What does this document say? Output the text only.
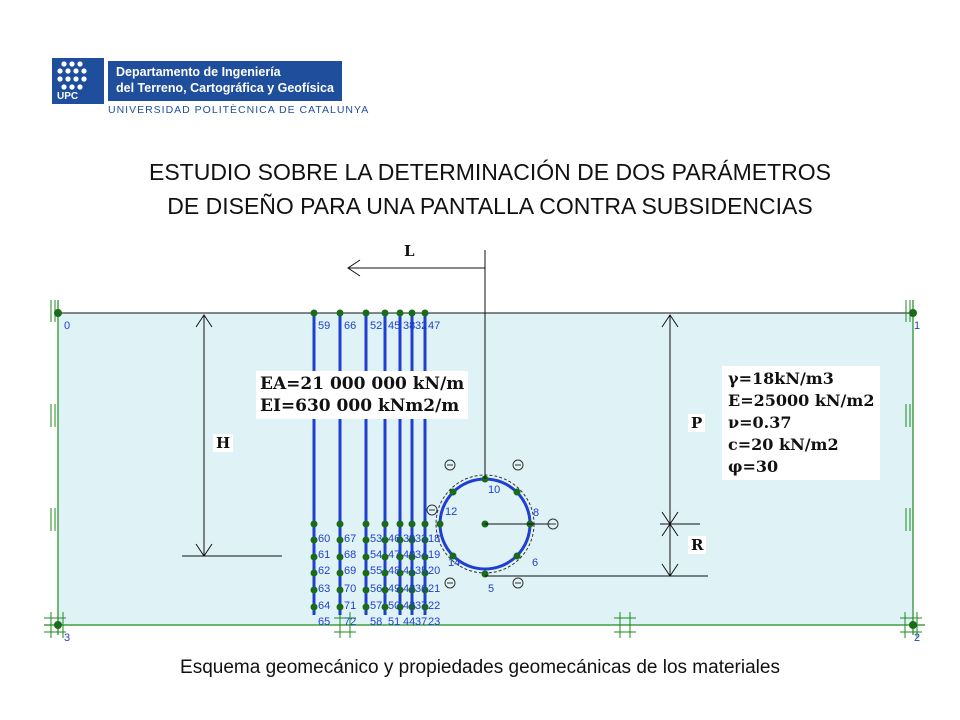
UPC
Departamento de Ingeniería
del Terreno, Cartográfica y Geofísica
UNIVERSIDAD POLITÈCNICA DE CATALUNYA
ESTUDIO SOBRE LA DETERMINACIÓN DE DOS PARÁMETROS
DE DISEÑO PARA UNA PANTALLA CONTRA SUBSIDENCIAS
0	1
2
3
59 66 52 45 38 32 47
60 67 53 46 39 33 18
61 68 54 47 40 34 19
62 69 55 48 41 35 20
63 70 56 49 42 36 21
64 71 57 50 43 37 22
65 72 58 51 44 37 23
10
12	8
6
5
14
L
H
P
R
EA=21 000 000 kN/m
EI=630 000 kNm2/m
γ=18kN/m3
E=25000 kN/m2
ν=0.37
c=20 kN/m2
φ=30
Esquema geomecánico y propiedades geomecánicas de los materiales
